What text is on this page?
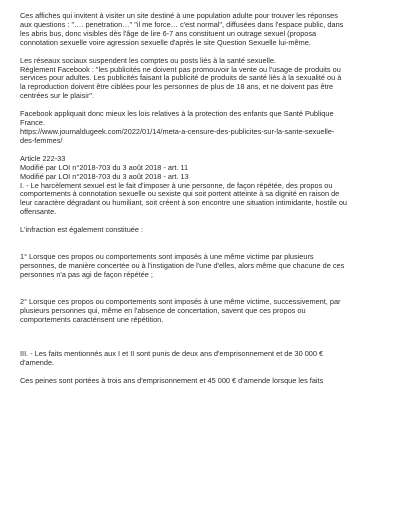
Ces affiches qui invitent à visiter un site destiné à une population adulte pour trouver les réponses
aux questions : "…. penetration…" "il me force… c'est normal", diffusées dans l'espace public, dans
les abris bus, donc visibles dès l'âge de lire 6-7 ans constituent un outrage sexuel (proposa
connotation sexuelle voire agression sexuelle d'après le site Question Sexuelle lui-même.

Les réseaux sociaux suspendent les comptes ou posts liés à la santé sexuelle.
Règlement Facebook : "les publicités ne doivent pas promouvoir la vente ou l'usage de produits ou
services pour adultes. Les publicités faisant la publicité de produits de santé liés à la sexualité ou à
la reproduction doivent être ciblées pour les personnes de plus de 18 ans, et ne doivent pas être
centrées sur le plaisir".

Facebook appliquait donc mieux les lois relatives à la protection des enfants que Santé Publique
France.
https://www.journaldugeek.com/2022/01/14/meta-a-censure-des-publicites-sur-la-sante-sexuelle-
des-femmes/

Article 222-33
Modifié par LOI n°2018-703 du 3 août 2018 - art. 11
Modifié par LOI n°2018-703 du 3 août 2018 - art. 13
I. - Le harcèlement sexuel est le fait d'imposer à une personne, de façon répétée, des propos ou
comportements à connotation sexuelle ou sexiste qui soit portent atteinte à sa dignité en raison de
leur caractère dégradant ou humiliant, soit créent à son encontre une situation intimidante, hostile ou
offensante.

L'infraction est également constituée :

1° Lorsque ces propos ou comportements sont imposés à une même victime par plusieurs
personnes, de manière concertée ou à l'instigation de l'une d'elles, alors même que chacune de ces
personnes n'a pas agi de façon répétée ;

2° Lorsque ces propos ou comportements sont imposés à une même victime, successivement, par
plusieurs personnes qui, même en l'absence de concertation, savent que ces propos ou
comportements caractérisent une répétition.

III. - Les faits mentionnés aux I et II sont punis de deux ans d'emprisonnement et de 30 000 €
d'amende.

Ces peines sont portées à trois ans d'emprisonnement et 45 000 € d'amende lorsque les faits
